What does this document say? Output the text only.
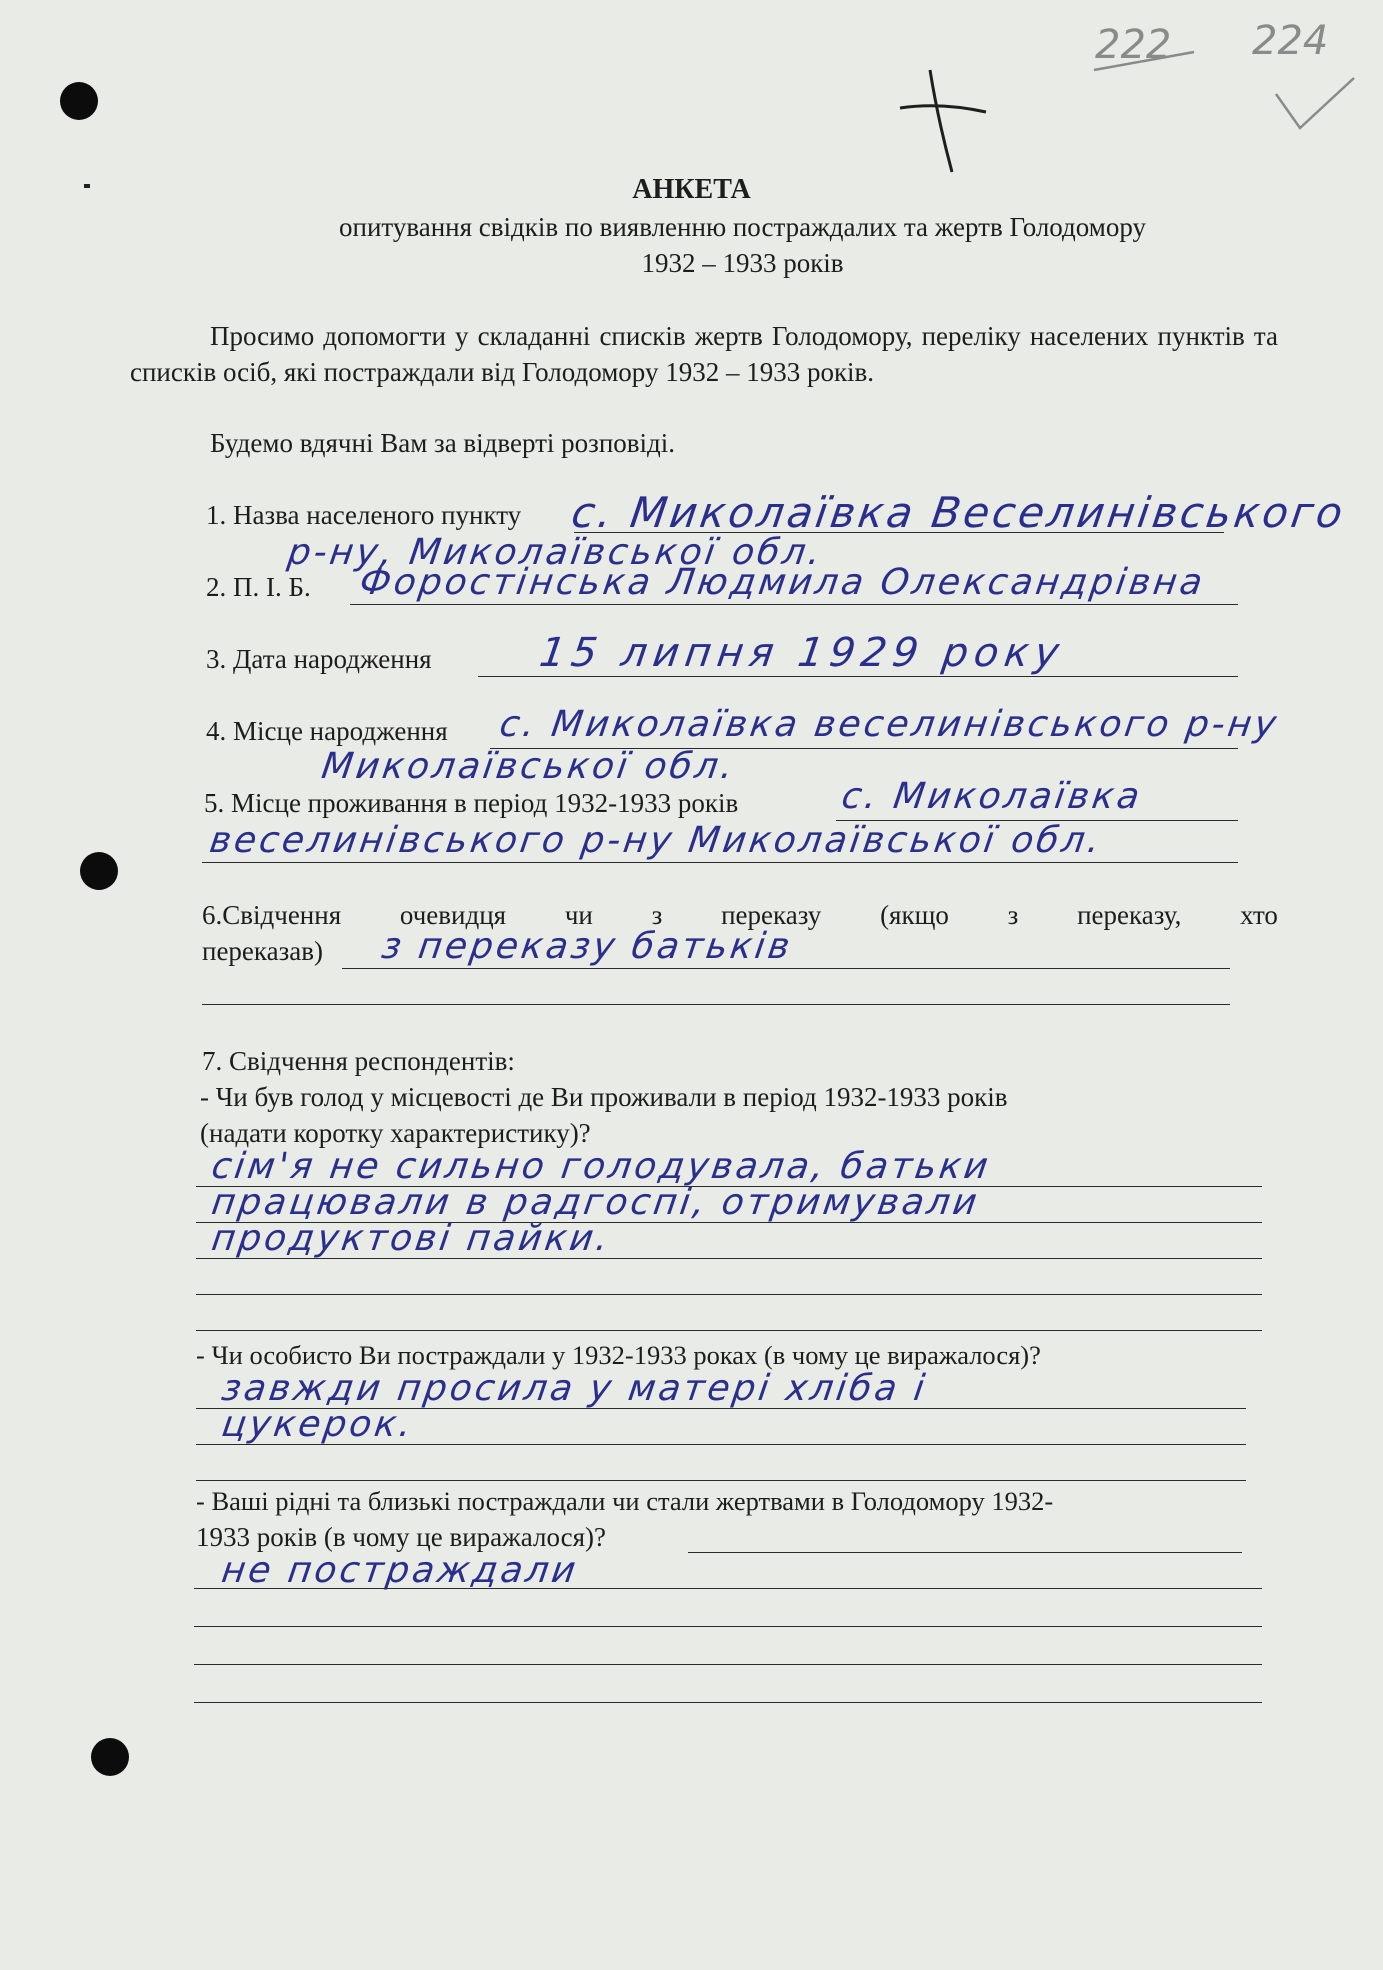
222 224
АНКЕТА
опитування свідків по виявленню постраждалих та жертв Голодомору
1932 – 1933 років
Просимо допомогти у складанні списків жертв Голодомору, переліку населених пунктів та списків осіб, які постраждали від Голодомору 1932 – 1933 років.
Будемо вдячні Вам за відверті розповіді.
1. Назва населеного пункту с. Миколаївка Веселинівського
р-ну, Миколаївської обл.
2. П. І. Б. Форостінська Людмила Олександрівна
3. Дата народження	15 липня 1929 року
4. Місце народження с. Миколаївка веселинівського р-ну
Миколаївської обл.
5. Місце проживання в період 1932-1933 років	с. Миколаївка
веселинівського р-ну Миколаївської обл.
6.Свідчення очевидця чи з переказу (якщо з переказу, хто
переказав) з переказу батьків
7. Свідчення респондентів:
- Чи був голод у місцевості де Ви проживали в період 1932-1933 років
(надати коротку характеристику)?
сім'я не сильно голодувала, батьки
працювали в радгоспі, отримували
продуктові пайки.
- Чи особисто Ви постраждали у 1932-1933 роках (в чому це виражалося)?
завжди просила у матері хліба і
цукерок.
- Ваші рідні та близькі постраждали чи стали жертвами в Голодомору 1932-
1933 років (в чому це виражалося)?
не постраждали
